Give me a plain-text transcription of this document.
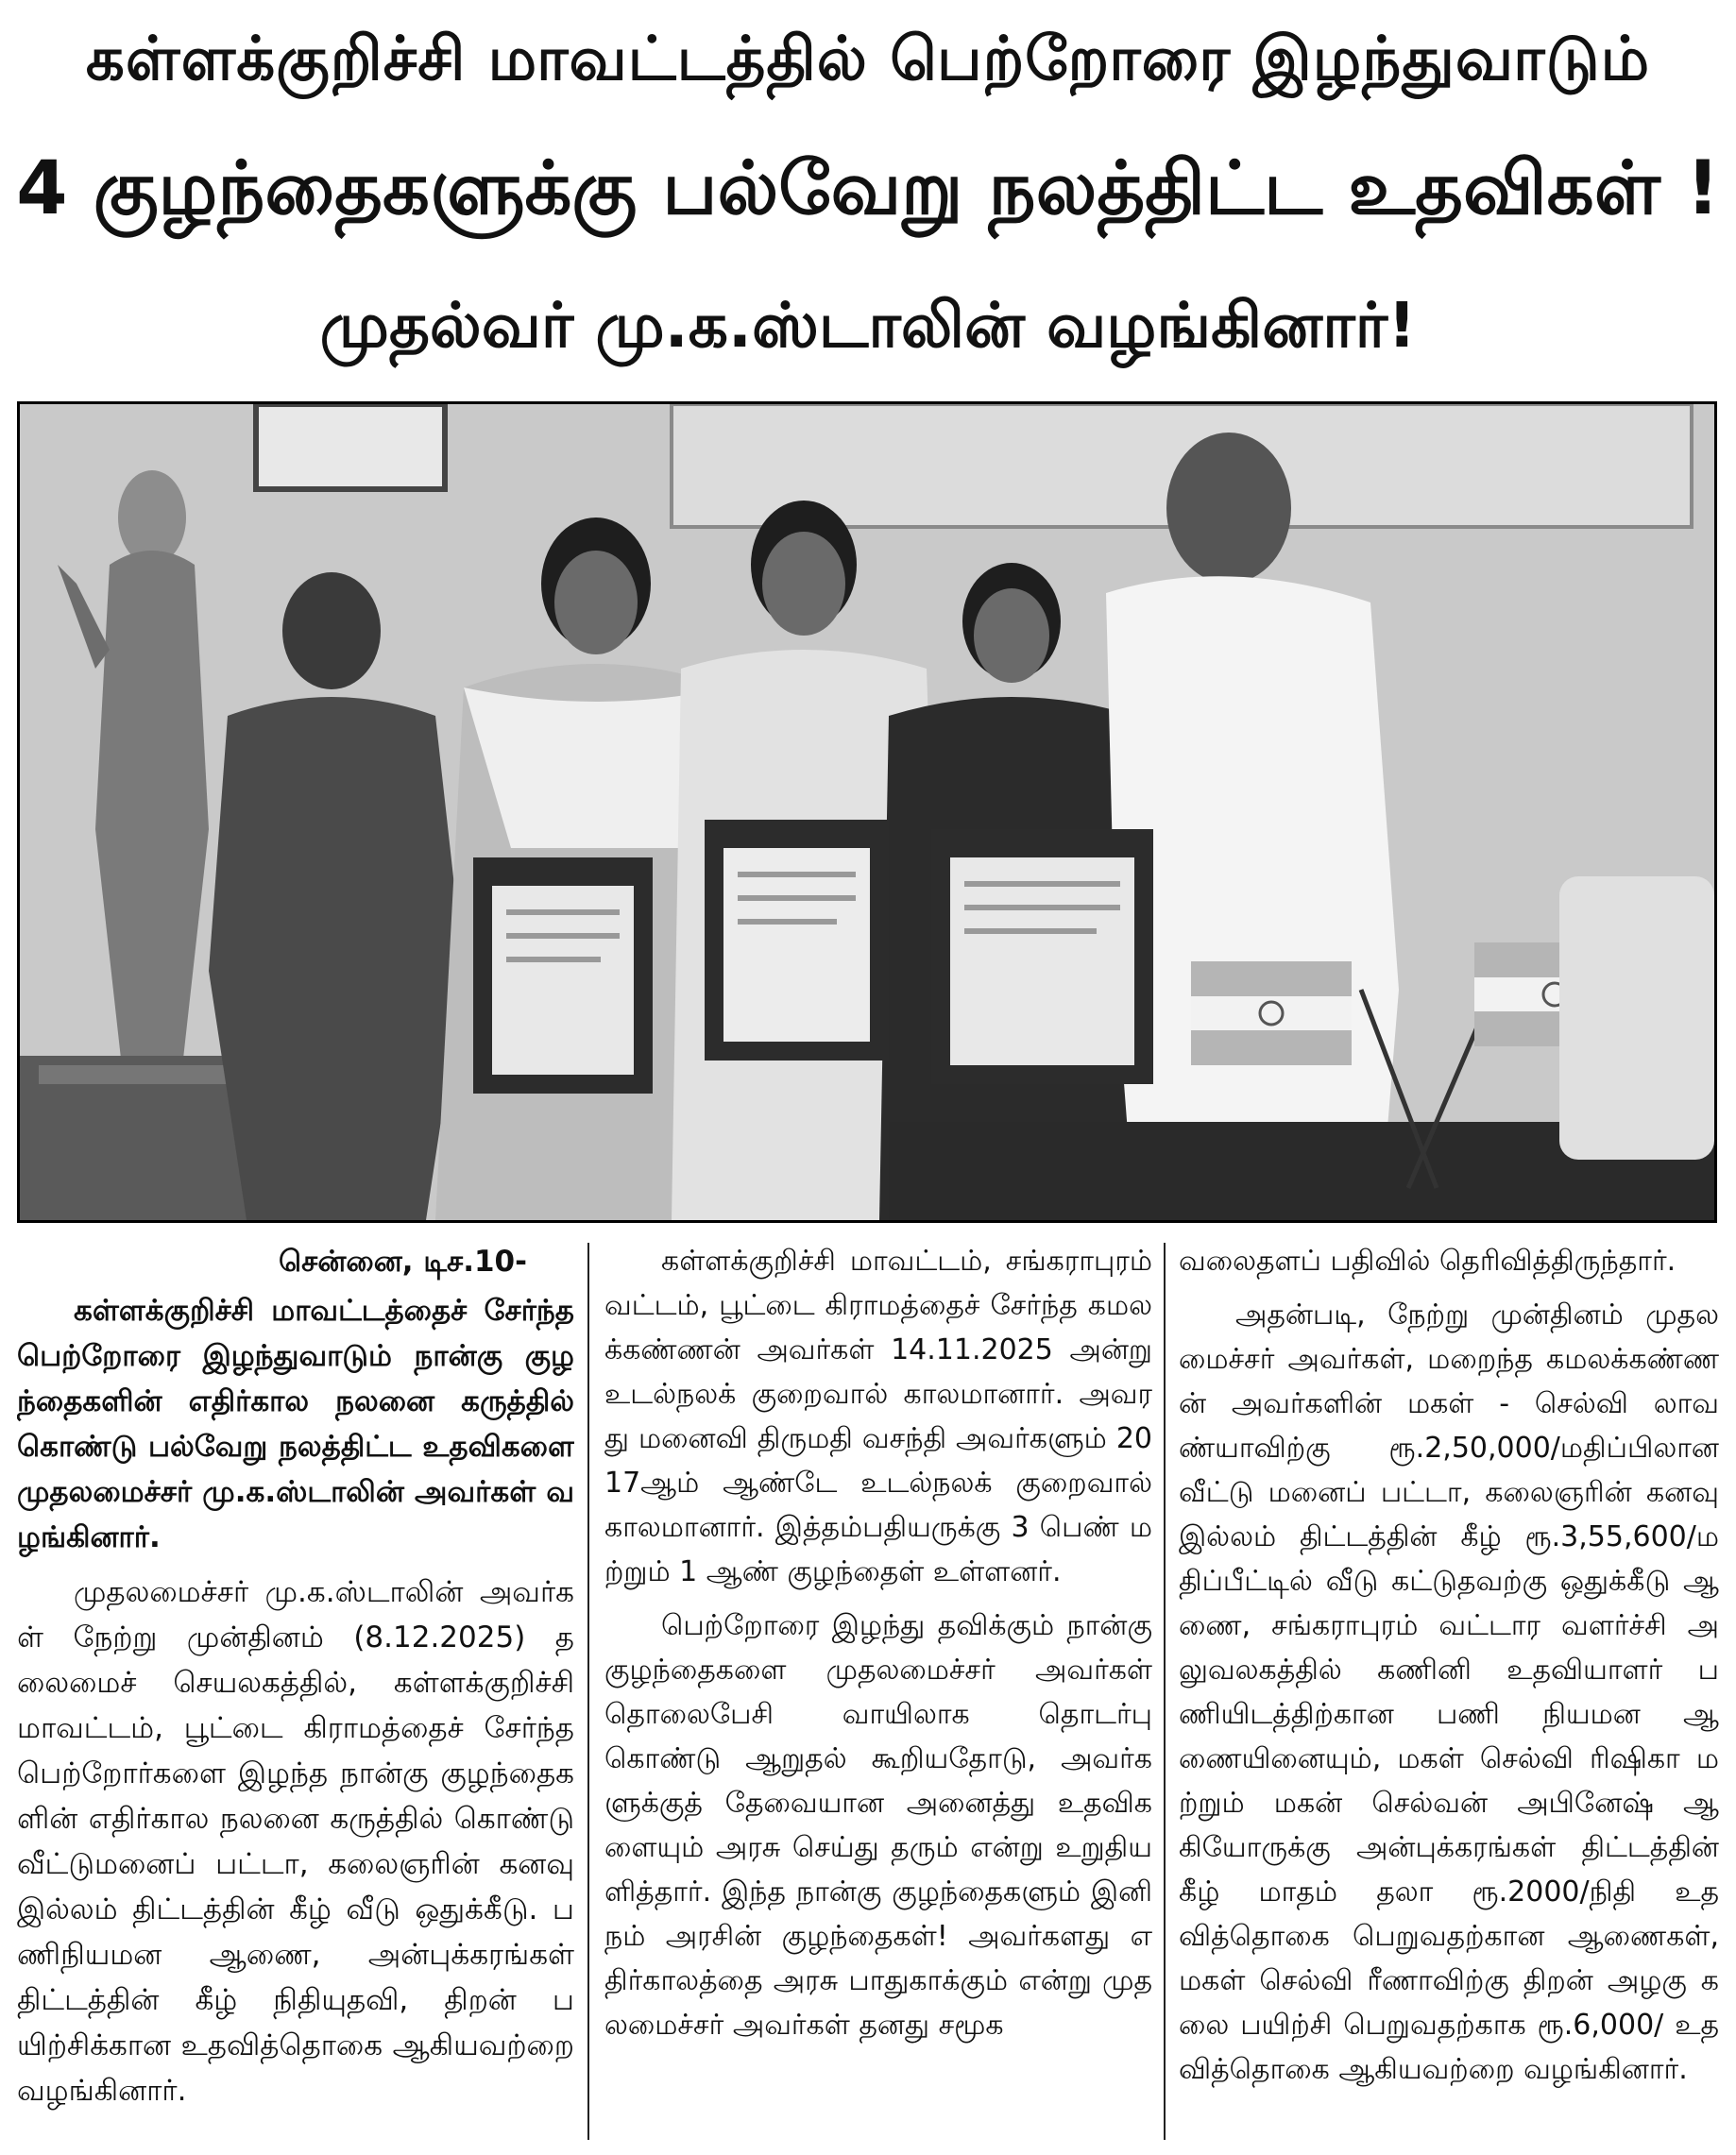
கள்ளக்குறிச்சி மாவட்டத்தில் பெற்றோரை இழந்துவாடும்
4 குழந்தைகளுக்கு பல்வேறு நலத்திட்ட உதவிகள் !
முதல்வர் மு.க.ஸ்டாலின் வழங்கினார்!
சென்னை, டிச.10-

கள்ளக்குறிச்சி மாவட்டத்தைச் சேர்ந்த பெற்றோரை இழந்துவாடும் நான்கு குழந்தைகளின் எதிர்கால நலனை கருத்தில் கொண்டு பல்வேறு நலத்திட்ட உதவிகளை முதலமைச்சர் மு.க.ஸ்டாலின் அவர்கள் வழங்கினார்.

முதலமைச்சர் மு.க.ஸ்டாலின் அவர்கள் நேற்று முன்தினம் (8.12.2025) தலைமைச் செயலகத்தில், கள்ளக்குறிச்சி மாவட்டம், பூட்டை கிராமத்தைச் சேர்ந்த பெற்றோர்களை இழந்த நான்கு குழந்தைகளின் எதிர்கால நலனை கருத்தில் கொண்டு வீட்டுமனைப் பட்டா, கலைஞரின் கனவு இல்லம் திட்டத்தின் கீழ் வீடு ஒதுக்கீடு. பணிநியமன ஆணை, அன்புக்கரங்கள் திட்டத்தின் கீழ் நிதியுதவி, திறன் பயிற்சிக்கான உதவித்தொகை ஆகியவற்றை வழங்கினார்.

கள்ளக்குறிச்சி மாவட்டம், சங்கராபுரம் வட்டம், பூட்டை கிராமத்தைச் சேர்ந்த கமலக்கண்ணன் அவர்கள் 14.11.2025 அன்று உடல்நலக் குறைவால் காலமானார். அவரது மனைவி திருமதி வசந்தி அவர்களும் 2017ஆம் ஆண்டே உடல்நலக் குறைவால் காலமானார். இத்தம்பதியருக்கு 3 பெண் மற்றும் 1 ஆண் குழந்தைள் உள்ளனர்.

பெற்றோரை இழந்து தவிக்கும் நான்கு குழந்தைகளை முதலமைச்சர் அவர்கள் தொலைபேசி வாயிலாக தொடர்பு கொண்டு ஆறுதல் கூறியதோடு, அவர்களுக்குத் தேவையான அனைத்து உதவிகளையும் அரசு செய்து தரும் என்று உறுதியளித்தார். இந்த நான்கு குழந்தைகளும் இனி நம் அரசின் குழந்தைகள்! அவர்களது எதிர்காலத்தை அரசு பாதுகாக்கும் என்று முதலமைச்சர் அவர்கள் தனது சமூக

வலைதளப் பதிவில் தெரிவித்திருந்தார்.

அதன்படி, நேற்று முன்தினம் முதலமைச்சர் அவர்கள், மறைந்த கமலக்கண்ணன் அவர்களின் மகள் - செல்வி லாவண்யாவிற்கு ரூ.2,50,000/மதிப்பிலான வீட்டு மனைப் பட்டா, கலைஞரின் கனவு இல்லம் திட்டத்தின் கீழ் ரூ.3,55,600/மதிப்பீட்டில் வீடு கட்டுதவற்கு ஒதுக்கீடு ஆணை, சங்கராபுரம் வட்டார வளர்ச்சி அலுவலகத்தில் கணினி உதவியாளர் பணியிடத்திற்கான பணி நியமன ஆணையினையும், மகள் செல்வி ரிஷிகா மற்றும் மகன் செல்வன் அபினேஷ் ஆகியோருக்கு அன்புக்கரங்கள் திட்டத்தின் கீழ் மாதம் தலா ரூ.2000/நிதி உதவித்தொகை பெறுவதற்கான ஆணைகள், மகள் செல்வி ரீணாவிற்கு திறன் அழகு கலை பயிற்சி பெறுவதற்காக ரூ.6,000/ உதவித்தொகை ஆகியவற்றை வழங்கினார்.
